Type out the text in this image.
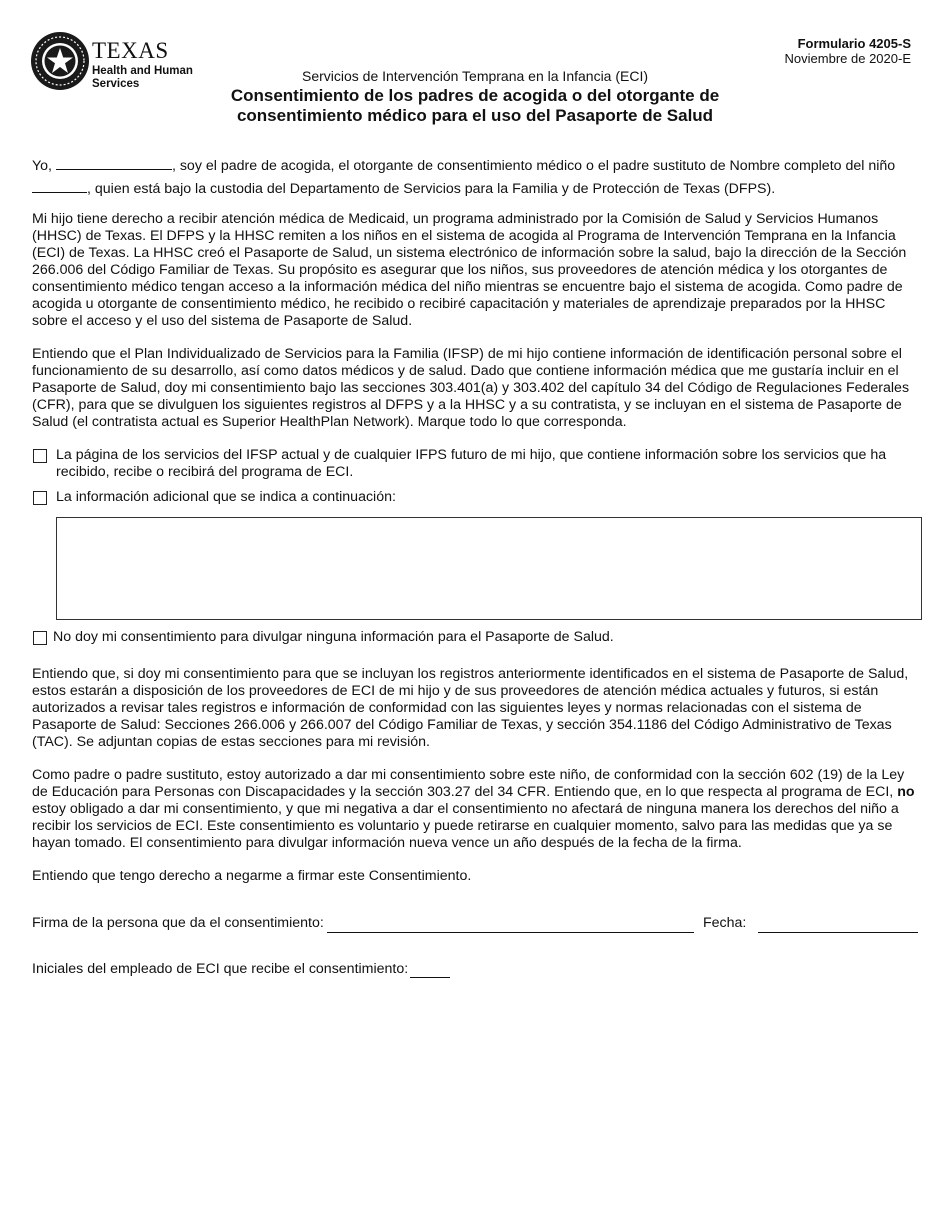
TEXAS
Health and Human
Services
Formulario 4205-S
Noviembre de 2020-E
Servicios de Intervención Temprana en la Infancia (ECI)
Consentimiento de los padres de acogida o del otorgante de
consentimiento médico para el uso del Pasaporte de Salud
Yo,	, soy el padre de acogida, el otorgante de consentimiento médico o el padre sustituto de Nombre completo del niño
, quien está bajo la custodia del Departamento de Servicios para la Familia y de Protección de Texas (DFPS).

Mi hijo tiene derecho a recibir atención médica de Medicaid, un programa administrado por la Comisión de Salud y Servicios Humanos (HHSC) de Texas. El DFPS y la HHSC remiten a los niños en el sistema de acogida al Programa de Intervención Temprana en la Infancia (ECI) de Texas. La HHSC creó el Pasaporte de Salud, un sistema electrónico de información sobre la salud, bajo la dirección de la Sección 266.006 del Código Familiar de Texas. Su propósito es asegurar que los niños, sus proveedores de atención médica y los otorgantes de consentimiento médico tengan acceso a la información médica del niño mientras se encuentre bajo el sistema de acogida. Como padre de acogida u otorgante de consentimiento médico, he recibido o recibiré capacitación y materiales de aprendizaje preparados por la HHSC sobre el acceso y el uso del sistema de Pasaporte de Salud.

Entiendo que el Plan Individualizado de Servicios para la Familia (IFSP) de mi hijo contiene información de identificación personal sobre el funcionamiento de su desarrollo, así como datos médicos y de salud. Dado que contiene información médica que me gustaría incluir en el Pasaporte de Salud, doy mi consentimiento bajo las secciones 303.401(a) y 303.402 del capítulo 34 del Código de Regulaciones Federales (CFR), para que se divulguen los siguientes registros al DFPS y a la HHSC y a su contratista, y se incluyan en el sistema de Pasaporte de Salud (el contratista actual es Superior HealthPlan Network). Marque todo lo que corresponda.

La página de los servicios del IFSP actual y de cualquier IFPS futuro de mi hijo, que contiene información sobre los servicios que ha recibido, recibe o recibirá del programa de ECI.
La información adicional que se indica a continuación:
No doy mi consentimiento para divulgar ninguna información para el Pasaporte de Salud.

Entiendo que, si doy mi consentimiento para que se incluyan los registros anteriormente identificados en el sistema de Pasaporte de Salud, estos estarán a disposición de los proveedores de ECI de mi hijo y de sus proveedores de atención médica actuales y futuros, si están autorizados a revisar tales registros e información de conformidad con las siguientes leyes y normas relacionadas con el sistema de Pasaporte de Salud: Secciones 266.006 y 266.007 del Código Familiar de Texas, y sección 354.1186 del Código Administrativo de Texas (TAC). Se adjuntan copias de estas secciones para mi revisión.

Como padre o padre sustituto, estoy autorizado a dar mi consentimiento sobre este niño, de conformidad con la sección 602 (19) de la Ley de Educación para Personas con Discapacidades y la sección 303.27 del 34 CFR. Entiendo que, en lo que respecta al programa de ECI, no estoy obligado a dar mi consentimiento, y que mi negativa a dar el consentimiento no afectará de ninguna manera los derechos del niño a recibir los servicios de ECI. Este consentimiento es voluntario y puede retirarse en cualquier momento, salvo para las medidas que ya se hayan tomado. El consentimiento para divulgar información nueva vence un año después de la fecha de la firma.

Entiendo que tengo derecho a negarme a firmar este Consentimiento.

Firma de la persona que da el consentimiento:	Fecha:
Iniciales del empleado de ECI que recibe el consentimiento:
